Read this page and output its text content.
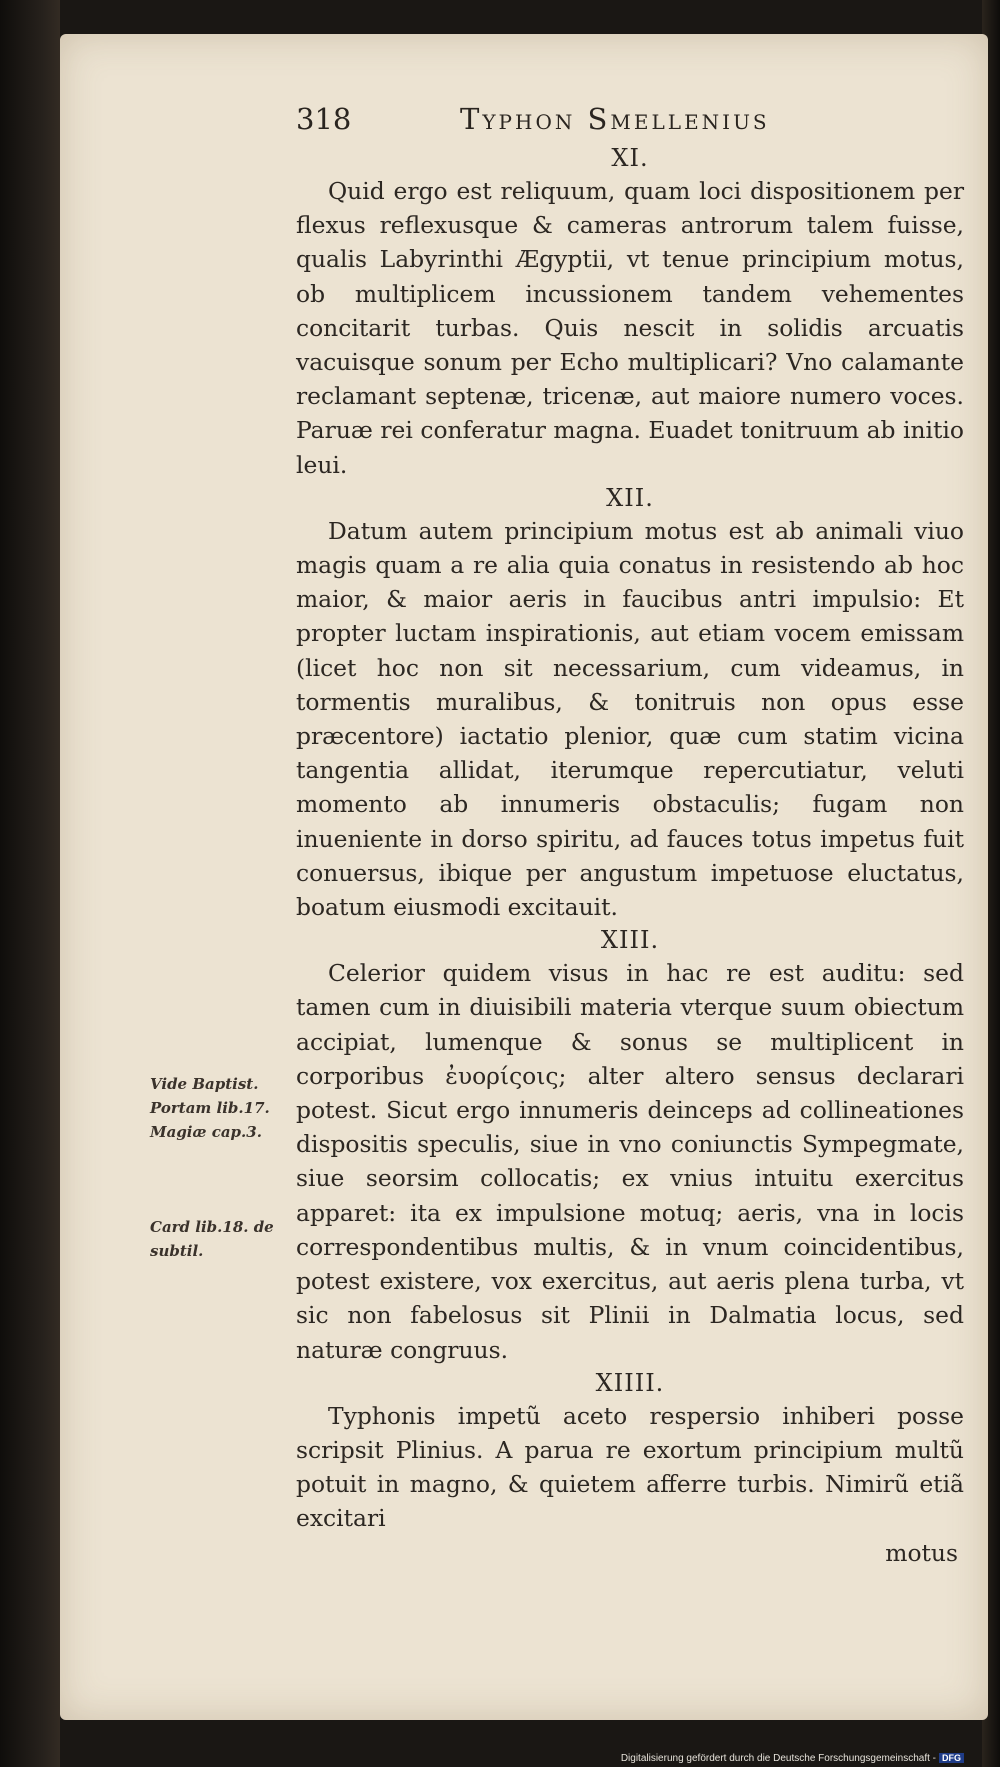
318	Typhon Smellenius

XI.

Quid ergo est reliquum, quam loci dispositionem per flexus reflexusque & cameras antrorum talem fuisse, qualis Labyrinthi Ægyptii, vt tenue principium motus, ob multiplicem incussionem tandem vehementes concitarit turbas. Quis nescit in solidis arcuatis vacuisque sonum per Echo multiplicari? Vno calamante reclamant septenæ, tricenæ, aut maiore numero voces. Paruæ rei conferatur magna. Euadet tonitruum ab initio leui.

XII.

Datum autem principium motus est ab animali viuo magis quam a re alia quia conatus in resistendo ab hoc maior, & maior aeris in faucibus antri impulsio: Et propter luctam inspirationis, aut etiam vocem emissam (licet hoc non sit necessarium, cum videamus, in tormentis muralibus, & tonitruis non opus esse præcentore) iactatio plenior, quæ cum statim vicina tangentia allidat, iterumque repercutiatur, veluti momento ab innumeris obstaculis; fugam non inueniente in dorso spiritu, ad fauces totus impetus fuit conuersus, ibique per angustum impetuose eluctatus, boatum eiusmodi excitauit.

XIII.

Celerior quidem visus in hac re est auditu: sed tamen cum in diuisibili materia vterque suum obiectum accipiat, lumenque & sonus se multiplicent in corporibus ἐυορίςοις; alter altero sensus declarari potest. Sicut ergo innumeris deinceps ad collineationes dispositis speculis, siue in vno coniunctis Sympegmate, siue seorsim collocatis; ex vnius intuitu exercitus apparet: ita ex impulsione motuq; aeris, vna in locis correspondentibus multis, & in vnum coincidentibus, potest existere, vox exercitus, aut aeris plena turba, vt sic non fabelosus sit Plinii in Dalmatia locus, sed naturæ congruus.

XIIII.

Typhonis impetũ aceto respersio inhiberi posse scripsit Plinius. A parua re exortum principium multũ potuit in magno, & quietem afferre turbis. Nimirũ etiã excitari

motus
Vide Baptist. Portam lib.17. Magiæ cap.3.
Card lib.18. de subtil.
Digitalisierung gefördert durch die Deutsche Forschungsgemeinschaft - DFG
